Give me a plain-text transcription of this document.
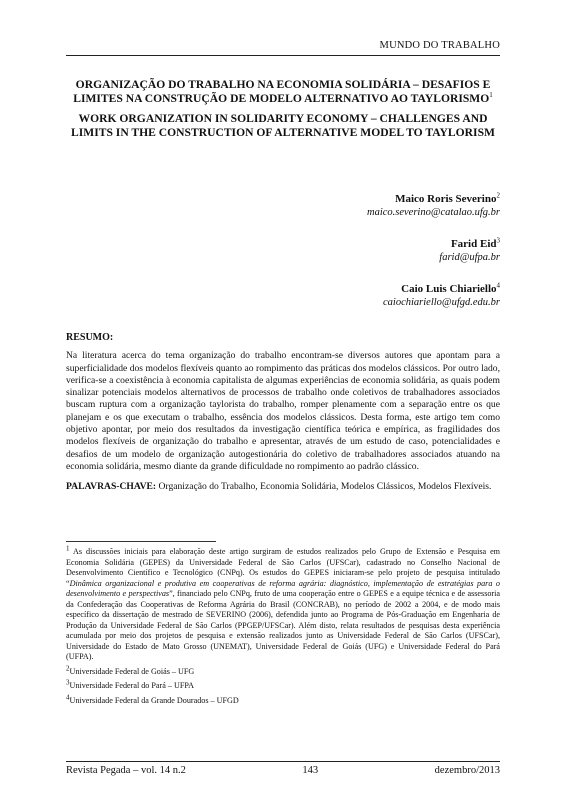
MUNDO DO TRABALHO

ORGANIZAÇÃO DO TRABALHO NA ECONOMIA SOLIDÁRIA – DESAFIOS E LIMITES NA CONSTRUÇÃO DE MODELO ALTERNATIVO AO TAYLORISMO$^1$

WORK ORGANIZATION IN SOLIDARITY ECONOMY – CHALLENGES AND LIMITS IN THE CONSTRUCTION OF ALTERNATIVE MODEL TO TAYLORISM

Maico Roris Severino$^2$
maico.severino@catalao.ufg.br
Farid Eid$^3$
farid@ufpa.br
Caio Luis Chiariello$^4$
caiochiariello@ufgd.edu.br
RESUMO:

Na literatura acerca do tema organização do trabalho encontram-se diversos autores que apontam para a superficialidade dos modelos flexíveis quanto ao rompimento das práticas dos modelos clássicos. Por outro lado, verifica-se a coexistência à economia capitalista de algumas experiências de economia solidária, as quais podem sinalizar potenciais modelos alternativos de processos de trabalho onde coletivos de trabalhadores associados buscam ruptura com a organização taylorista do trabalho, romper plenamente com a separação entre os que planejam e os que executam o trabalho, essência dos modelos clássicos. Desta forma, este artigo tem como objetivo apontar, por meio dos resultados da investigação científica teórica e empírica, as fragilidades dos modelos flexíveis de organização do trabalho e apresentar, através de um estudo de caso, potencialidades e desafios de um modelo de organização autogestionária do coletivo de trabalhadores associados atuando na economia solidária, mesmo diante da grande dificuldade no rompimento ao padrão clássico.

PALAVRAS-CHAVE: Organização do Trabalho, Economia Solidária, Modelos Clássicos, Modelos Flexíveis.

$^1$ As discussões iniciais para elaboração deste artigo surgiram de estudos realizados pelo Grupo de Extensão e Pesquisa em Economia Solidária (GEPES) da Universidade Federal de São Carlos (UFSCar), cadastrado no Conselho Nacional de Desenvolvimento Científico e Tecnológico (CNPq). Os estudos do GEPES iniciaram-se pelo projeto de pesquisa intitulado “Dinâmica organizacional e produtiva em cooperativas de reforma agrária: diagnóstico, implementação de estratégias para o desenvolvimento e perspectivas”, financiado pelo CNPq, fruto de uma cooperação entre o GEPES e a equipe técnica e de assessoria da Confederação das Cooperativas de Reforma Agrária do Brasil (CONCRAB), no período de 2002 a 2004, e de modo mais específico da dissertação de mestrado de SEVERINO (2006), defendida junto ao Programa de Pós-Graduação em Engenharia de Produção da Universidade Federal de São Carlos (PPGEP/UFSCar). Além disto, relata resultados de pesquisas desta experiência acumulada por meio dos projetos de pesquisa e extensão realizados junto as Universidade Federal de São Carlos (UFSCar), Universidade do Estado de Mato Grosso (UNEMAT), Universidade Federal de Goiás (UFG) e Universidade Federal do Pará (UFPA).

$^2$Universidade Federal de Goiás – UFG

$^3$Universidade Federal do Pará – UFPA

$^4$Universidade Federal da Grande Dourados – UFGD

Revista Pegada – vol. 14 n.2	143	dezembro/2013
